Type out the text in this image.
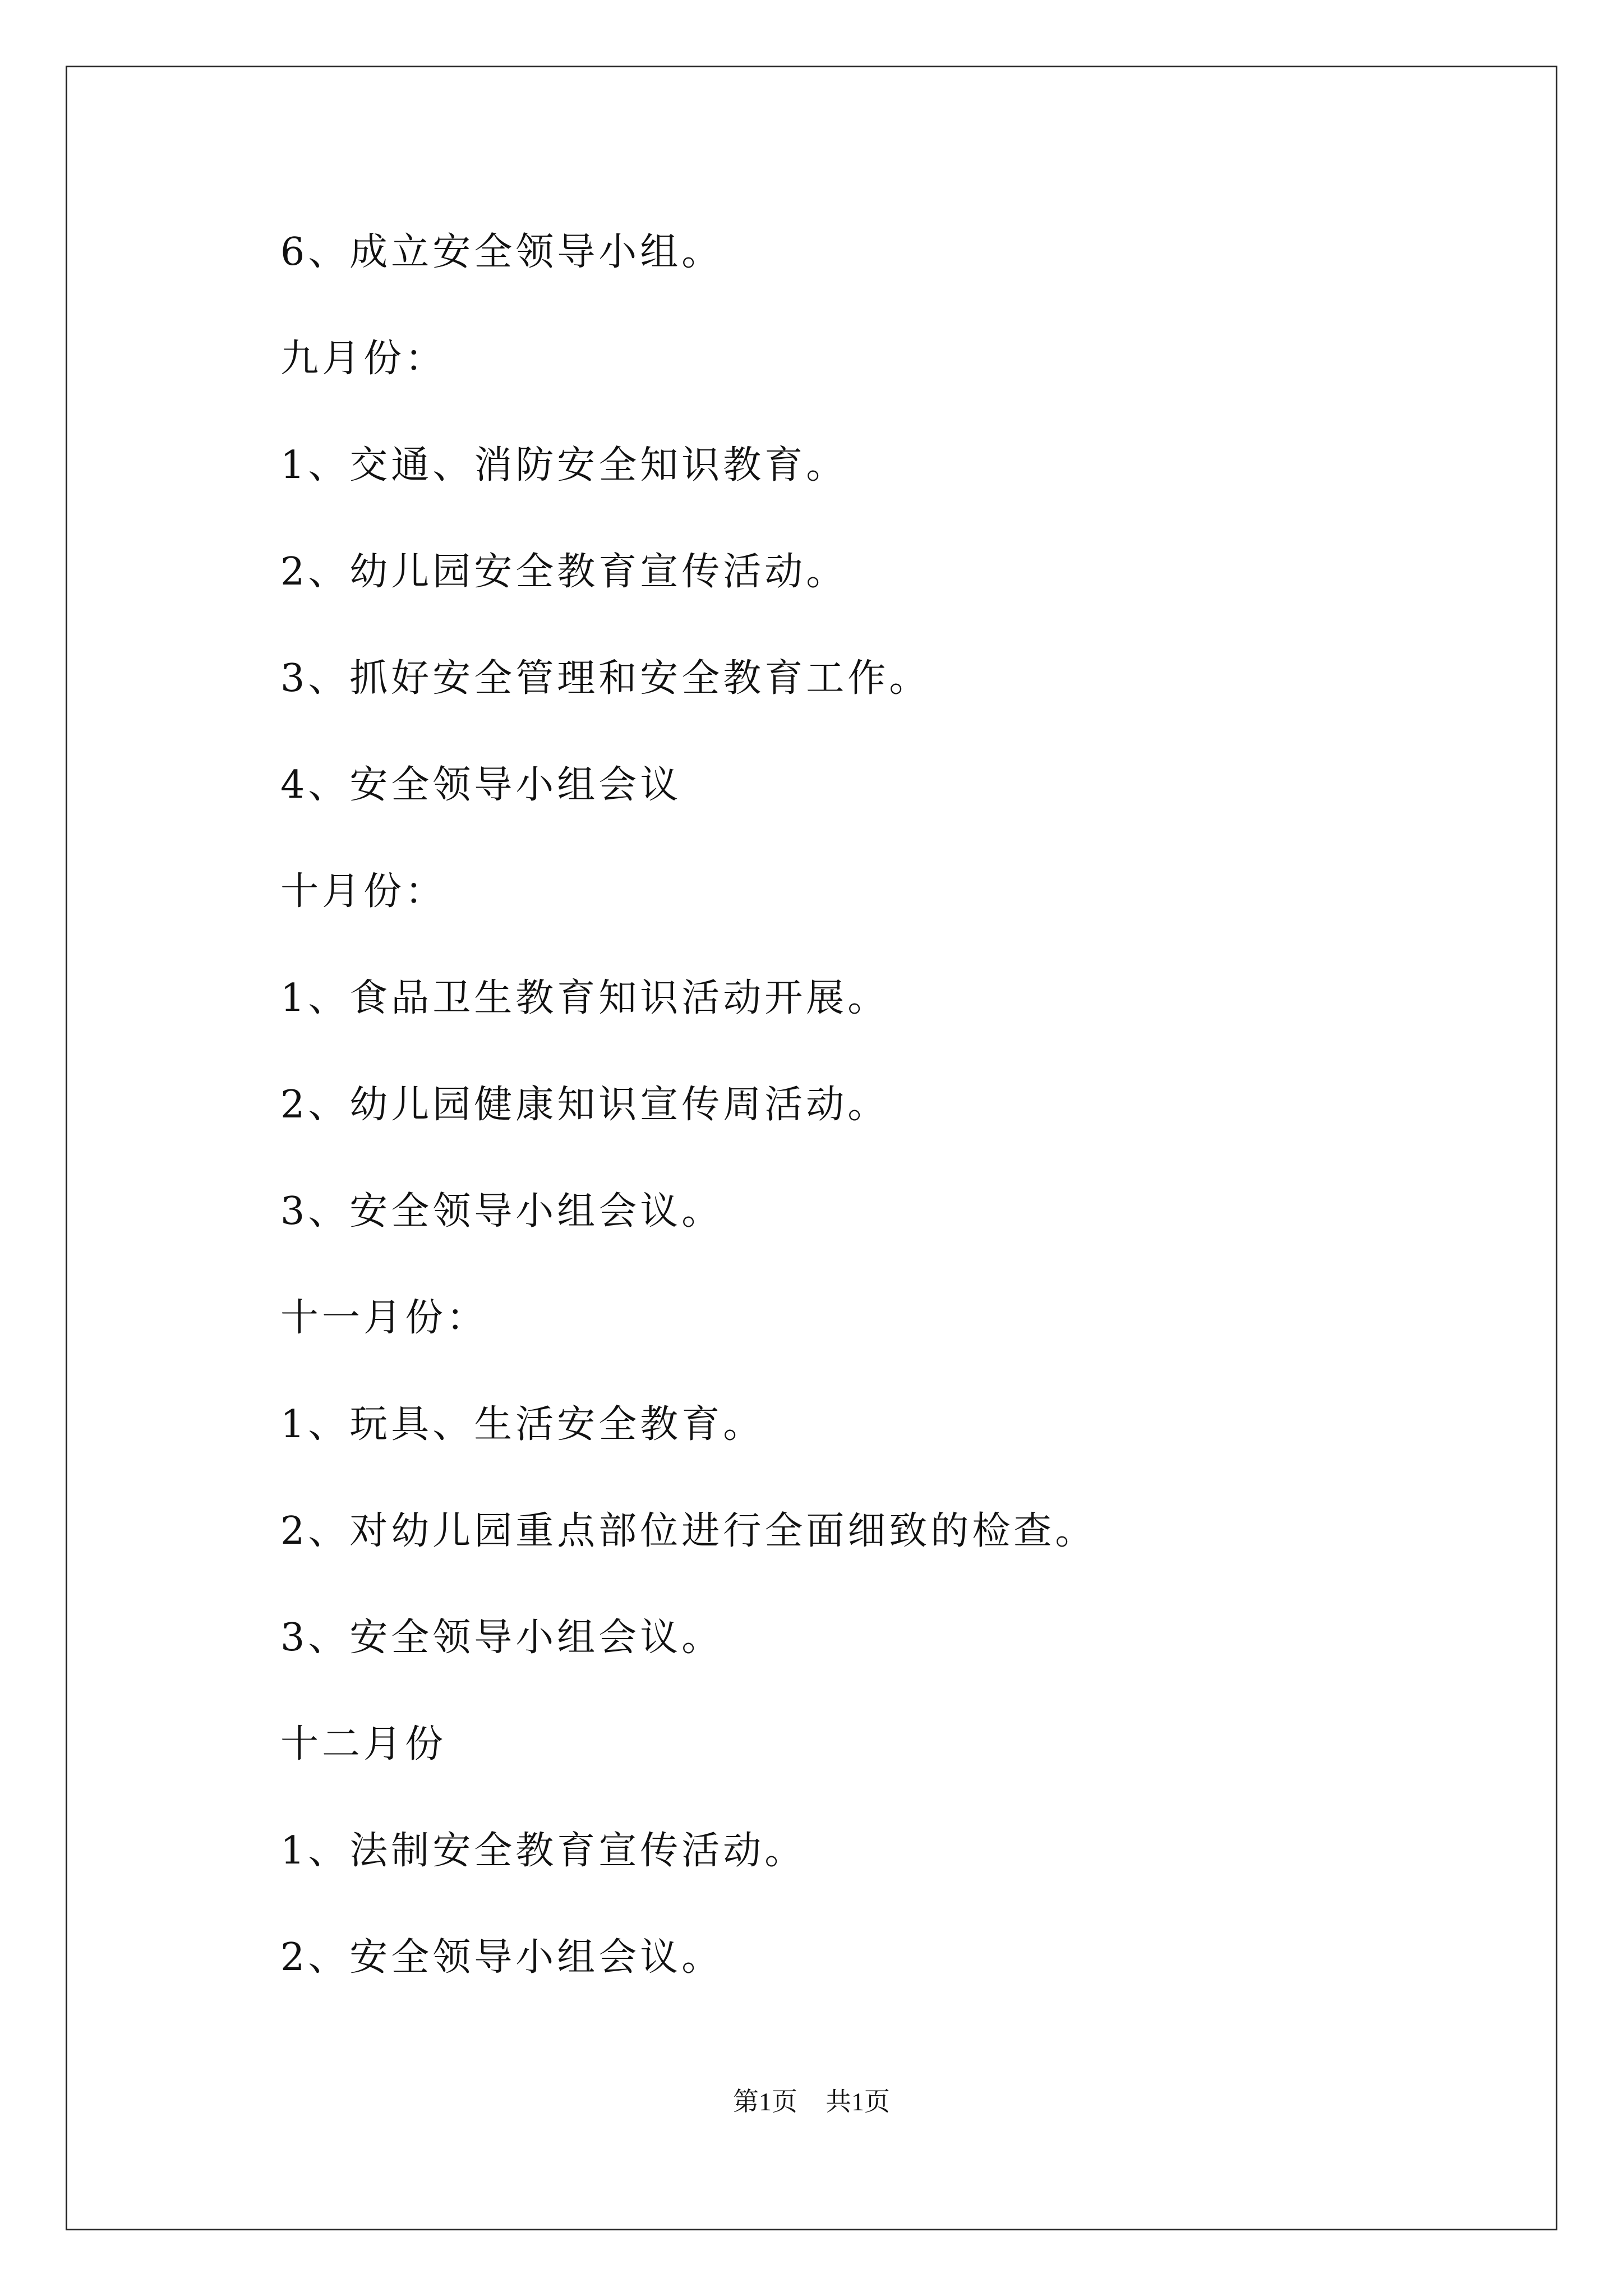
6、成立安全领导小组。
九月份：
1、交通、消防安全知识教育。
2、幼儿园安全教育宣传活动。
3、抓好安全管理和安全教育工作。
4、安全领导小组会议
十月份：
1、食品卫生教育知识活动开展。
2、幼儿园健康知识宣传周活动。
3、安全领导小组会议。
十一月份：
1、玩具、生活安全教育。
2、对幼儿园重点部位进行全面细致的检查。
3、安全领导小组会议。
十二月份
1、法制安全教育宣传活动。
2、安全领导小组会议。
第1页 共1页
